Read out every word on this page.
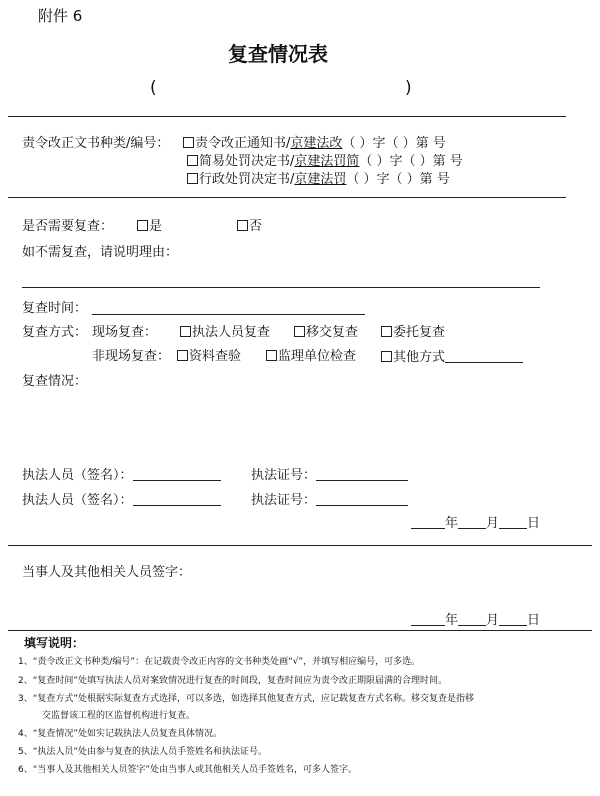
附件 6
复查情况表
(	)
责令改正文书种类/编号：	责令改正通知书/京建法改（ ）字（ ）第 号
简易处罚决定书/京建法罚简（ ）字（ ）第 号
行政处罚决定书/京建法罚（ ）字（ ）第 号
是否需要复查：	是	否
如不需复查，请说明理由：
复查时间：
复查方式： 现场复查：	执法人员复查	移交复查	委托复查
非现场复查：	资料查验	监理单位检查	其他方式
复查情况：
执法人员（签名）：	执法证号：
执法人员（签名）：	执法证号：
年 月 日
当事人及其他相关人员签字：
年 月 日
填写说明：
1、“责令改正文书种类/编号”：在记载责令改正内容的文书种类处画“√”，并填写相应编号，可多选。
2、“复查时间”处填写执法人员对案致情况进行复查的时间段，复查时间应为责令改正期限届满的合理时间。
3、“复查方式”处根据实际复查方式选择，可以多选，如选择其他复查方式，应记载复查方式名称。移交复查是指移
交监督该工程的区监督机构进行复查。
4、“复查情况”处如实记载执法人员复查具体情况。
5、“执法人员”处由参与复查的执法人员手签姓名和执法证号。
6、“当事人及其他相关人员签字”处由当事人或其他相关人员手签姓名，可多人签字。
